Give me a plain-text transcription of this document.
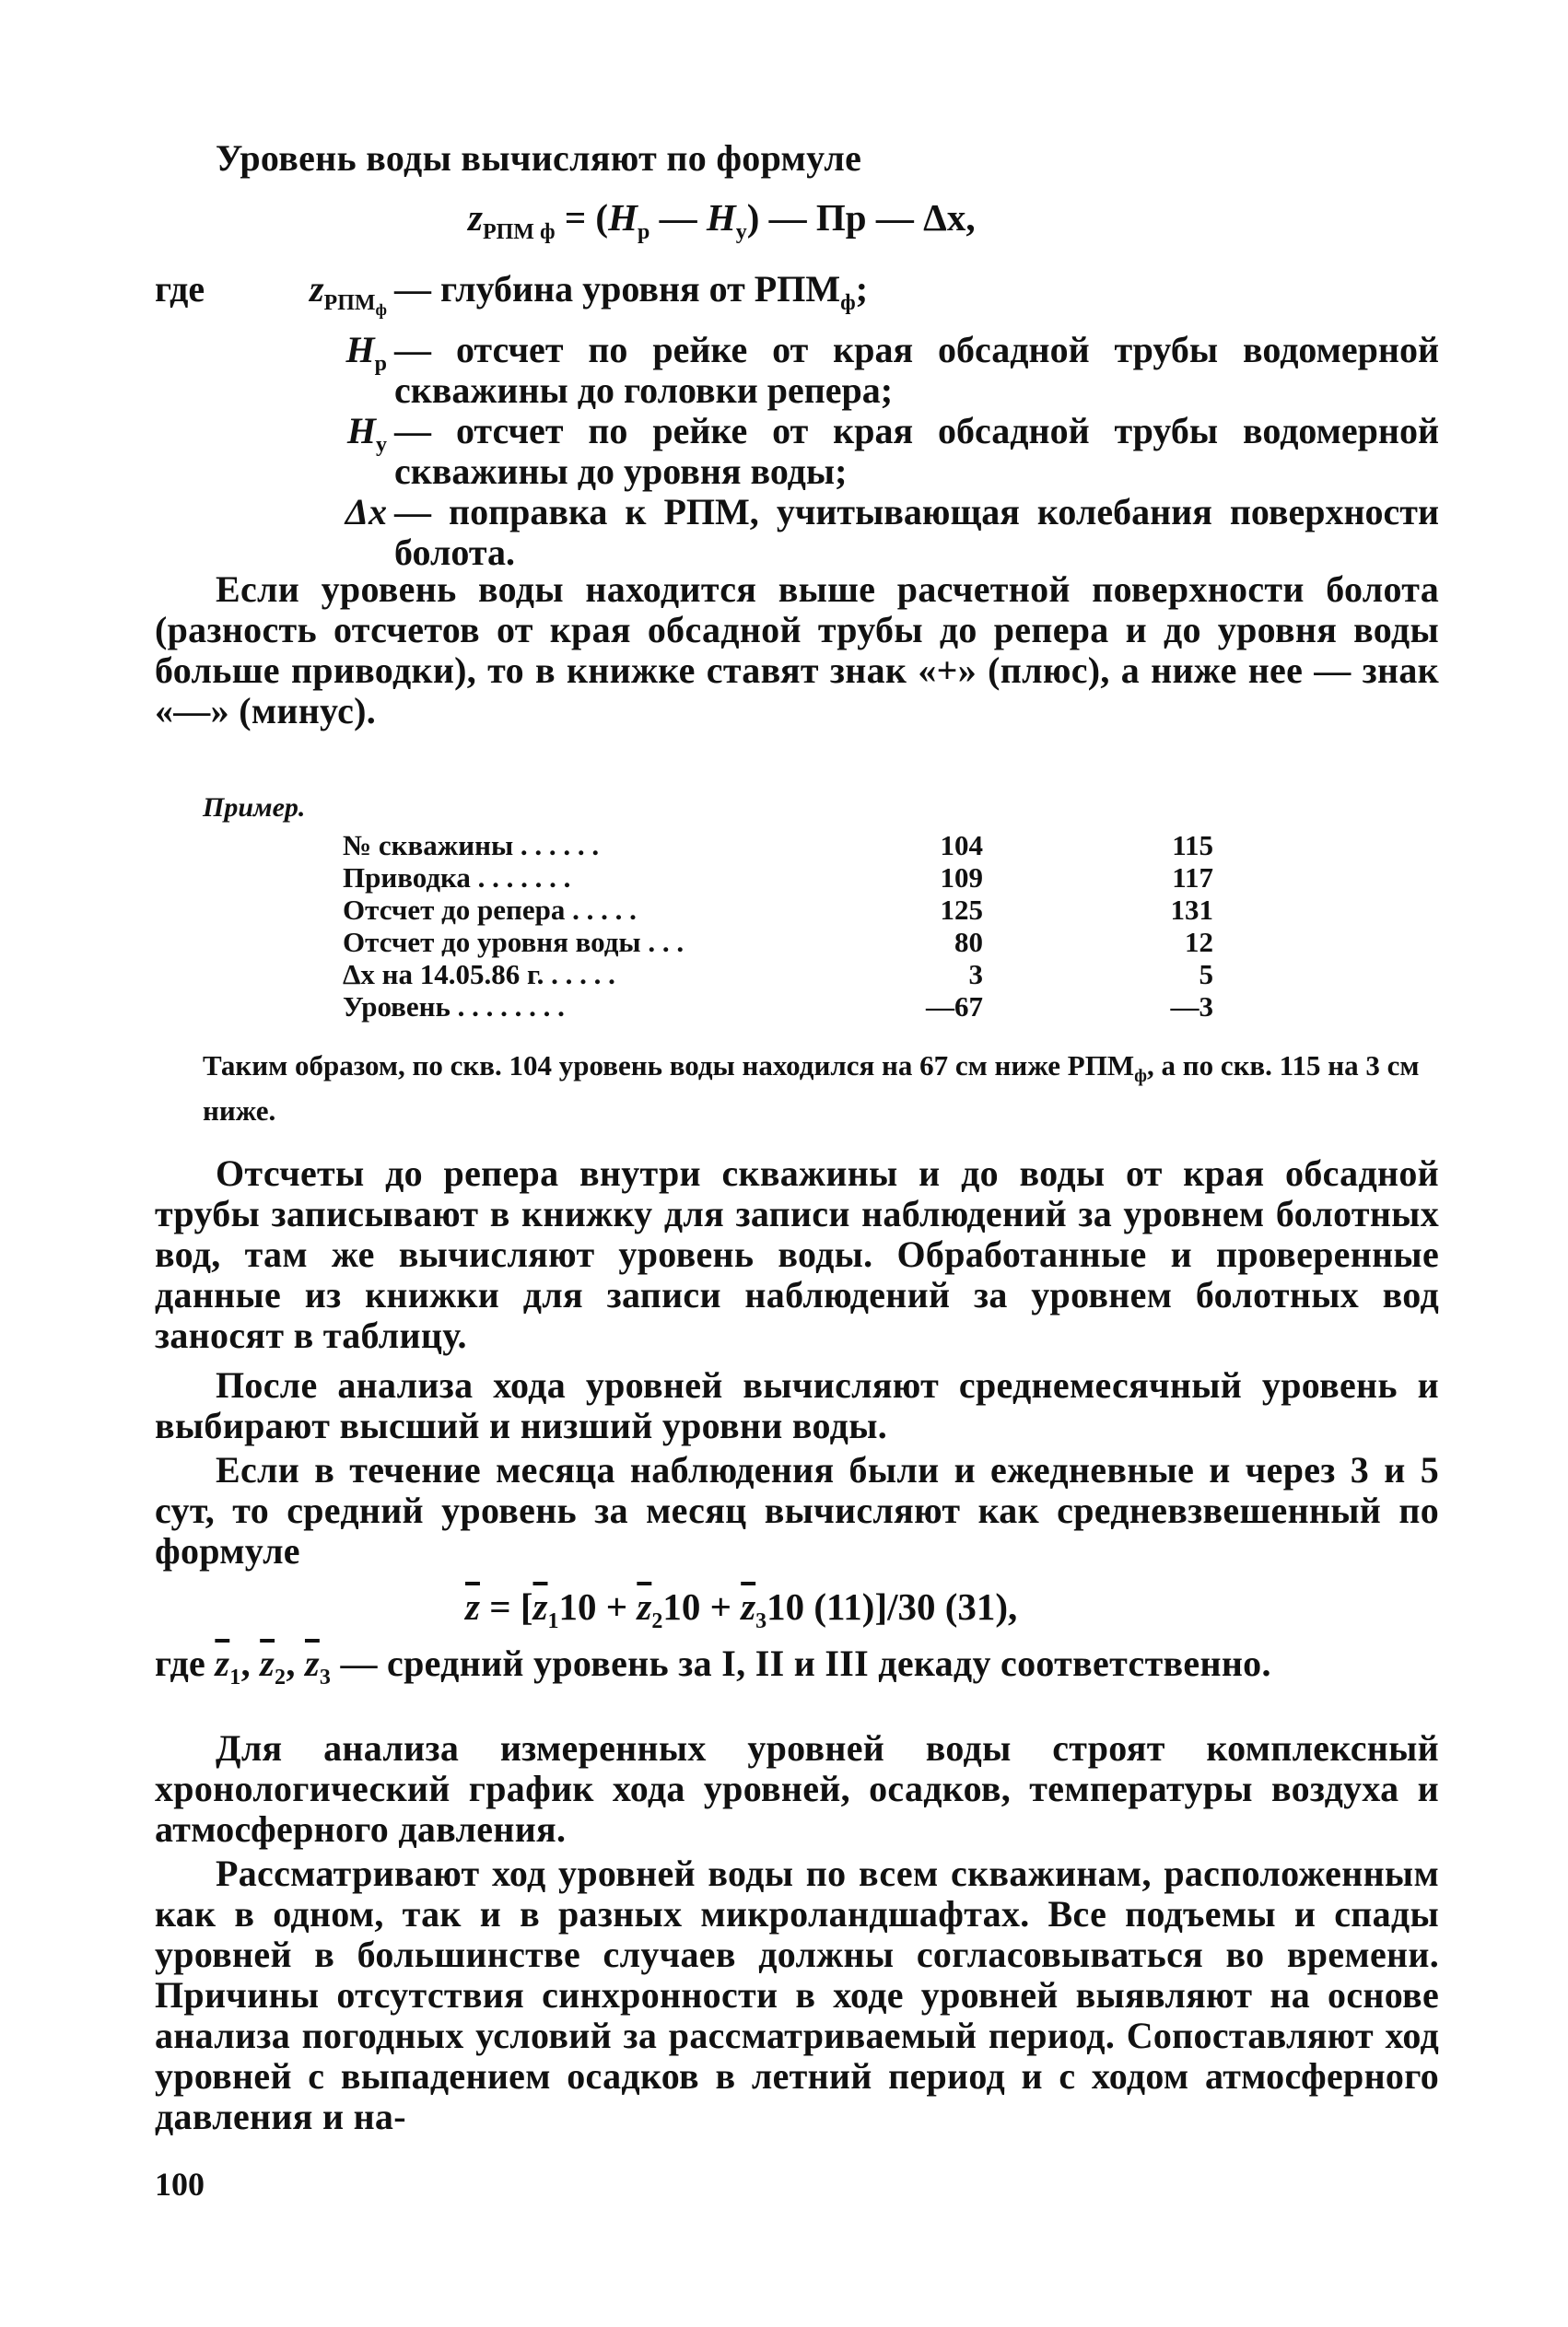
Уровень воды вычисляют по формуле

$z_{РПМ ф} = (H_р$ — $H_у$) — Пр — Δx,

где	$z_{РПМ_ф}$ — глубина уровня от $РПМ_ф$;
$H_р$ — отсчет по рейке от края обсадной трубы водомерной скважины до головки репера;
$H_у$ — отсчет по рейке от края обсадной трубы водомерной скважины до уровня воды;
Δx — поправка к РПМ, учитывающая колебания поверхности болота.

Если уровень воды находится выше расчетной поверхности болота (разность отсчетов от края обсадной трубы до репера и до уровня воды больше приводки), то в книжке ставят знак «+» (плюс), а ниже нее — знак «—» (минус).

Пример.

№ скважины . . . . . .	104	115
Приводка . . . . . . .	109	117
Отсчет до репера . . . . .	125	131
Отсчет до уровня воды . . .	80	12
Δx на 14.05.86 г. . . . . .	3	5
Уровень . . . . . . . .	—67	—3

Таким образом, по скв. 104 уровень воды находился на 67 см ниже $РПМ_ф$, а по скв. 115 на 3 см ниже.

Отсчеты до репера внутри скважины и до воды от края обсадной трубы записывают в книжку для записи наблюдений за уровнем болотных вод, там же вычисляют уровень воды. Обработанные и проверенные данные из книжки для записи наблюдений за уровнем болотных вод заносят в таблицу.

После анализа хода уровней вычисляют среднемесячный уровень и выбирают высший и низший уровни воды.

Если в течение месяца наблюдения были и ежедневные и через 3 и 5 сут, то средний уровень за месяц вычисляют как средневзвешенный по формуле

$\overline{z} = [\overline{z}_110 + \overline{z}_210 + \overline{z}_310$ (11)]/30 (31),

где $\overline{z}_1$, $\overline{z}_2$, $\overline{z}_3$ — средний уровень за I, II и III декаду соответственно.

Для анализа измеренных уровней воды строят комплексный хронологический график хода уровней, осадков, температуры воздуха и атмосферного давления.

Рассматривают ход уровней воды по всем скважинам, расположенным как в одном, так и в разных микроландшафтах. Все подъемы и спады уровней в большинстве случаев должны согласовываться во времени. Причины отсутствия синхронности в ходе уровней выявляют на основе анализа погодных условий за рассматриваемый период. Сопоставляют ход уровней с выпадением осадков в летний период и с ходом атмосферного давления и на-

100
